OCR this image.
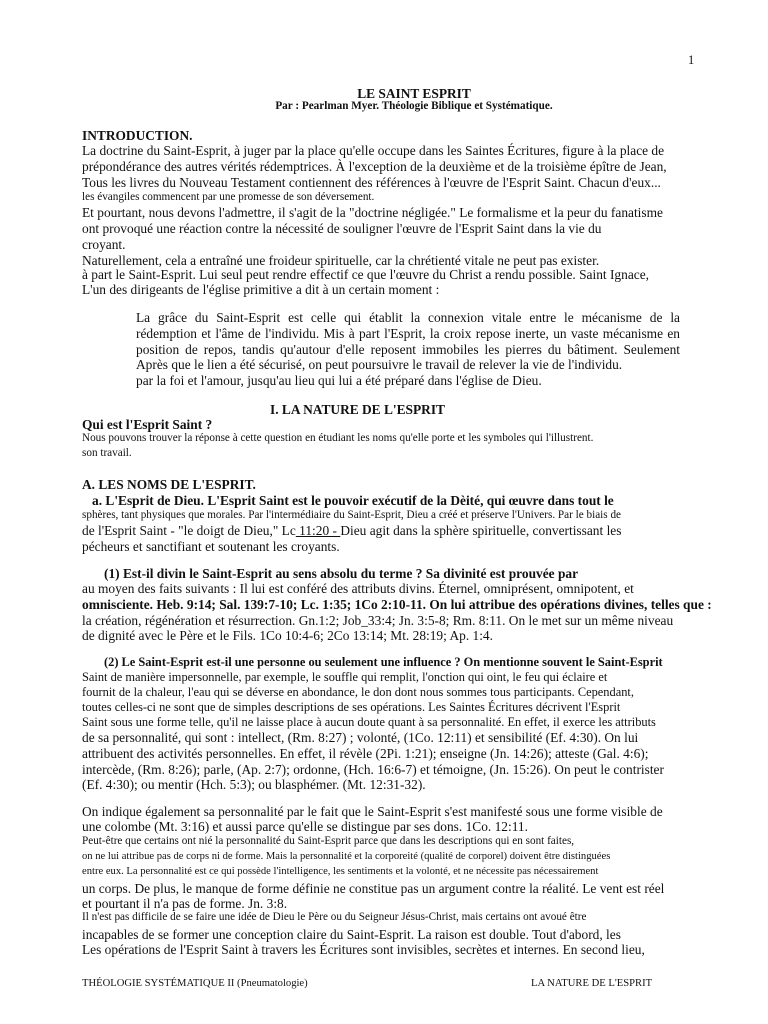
1
LE SAINT ESPRIT
Par : Pearlman Myer. Théologie Biblique et Systématique.
INTRODUCTION.
La doctrine du Saint-Esprit, à juger par la place qu'elle occupe dans les Saintes Écritures, figure à la place de
prépondérance des autres vérités rédemptrices. À l'exception de la deuxième et de la troisième épître de Jean,
Tous les livres du Nouveau Testament contiennent des références à l'œuvre de l'Esprit Saint. Chacun d'eux...
les évangiles commencent par une promesse de son déversement.
Et pourtant, nous devons l'admettre, il s'agit de la "doctrine négligée." Le formalisme et la peur du fanatisme
ont provoqué une réaction contre la nécessité de souligner l'œuvre de l'Esprit Saint dans la vie du
croyant.
Naturellement, cela a entraîné une froideur spirituelle, car la chrétienté vitale ne peut pas exister.
à part le Saint-Esprit. Lui seul peut rendre effectif ce que l'œuvre du Christ a rendu possible. Saint Ignace,
L'un des dirigeants de l'église primitive a dit à un certain moment :
La grâce du Saint-Esprit est celle qui établit la connexion vitale entre le mécanisme de la
rédemption et l'âme de l'individu. Mis à part l'Esprit, la croix repose inerte, un vaste mécanisme en
position de repos, tandis qu'autour d'elle reposent immobiles les pierres du bâtiment. Seulement
Après que le lien a été sécurisé, on peut poursuivre le travail de relever la vie de l'individu.
par la foi et l'amour, jusqu'au lieu qui lui a été préparé dans l'église de Dieu.
I. LA NATURE DE L'ESPRIT
Qui est l'Esprit Saint ?
Nous pouvons trouver la réponse à cette question en étudiant les noms qu'elle porte et les symboles qui l'illustrent.
son travail.
A. LES NOMS DE L'ESPRIT.
a. L'Esprit de Dieu. L'Esprit Saint est le pouvoir exécutif de la Dèité, qui œuvre dans tout le
sphères, tant physiques que morales. Par l'intermédiaire du Saint-Esprit, Dieu a créé et préserve l'Univers. Par le biais de
de l'Esprit Saint - "le doigt de Dieu," Lc 11:20 - Dieu agit dans la sphère spirituelle, convertissant les
pécheurs et sanctifiant et soutenant les croyants.
(1) Est-il divin le Saint-Esprit au sens absolu du terme ? Sa divinité est prouvée par
au moyen des faits suivants : Il lui est conféré des attributs divins. Éternel, omniprésent, omnipotent, et
omnisciente. Heb. 9:14; Sal. 139:7-10; Lc. 1:35; 1Co 2:10-11. On lui attribue des opérations divines, telles que :
la création, régénération et résurrection. Gn.1:2; Job_33:4; Jn. 3:5-8; Rm. 8:11. On le met sur un même niveau
de dignité avec le Père et le Fils. 1Co 10:4-6; 2Co 13:14; Mt. 28:19; Ap. 1:4.
(2) Le Saint-Esprit est-il une personne ou seulement une influence ? On mentionne souvent le Saint-Esprit
Saint de manière impersonnelle, par exemple, le souffle qui remplit, l'onction qui oint, le feu qui éclaire et
fournit de la chaleur, l'eau qui se déverse en abondance, le don dont nous sommes tous participants. Cependant,
toutes celles-ci ne sont que de simples descriptions de ses opérations. Les Saintes Écritures décrivent l'Esprit
Saint sous une forme telle, qu'il ne laisse place à aucun doute quant à sa personnalité. En effet, il exerce les attributs
de sa personnalité, qui sont : intellect, (Rm. 8:27) ; volonté, (1Co. 12:11) et sensibilité (Ef. 4:30). On lui
attribuent des activités personnelles. En effet, il révèle (2Pi. 1:21); enseigne (Jn. 14:26); atteste (Gal. 4:6);
intercède, (Rm. 8:26); parle, (Ap. 2:7); ordonne, (Hch. 16:6-7) et témoigne, (Jn. 15:26). On peut le contrister
(Ef. 4:30); ou mentir (Hch. 5:3); ou blasphémer. (Mt. 12:31-32).
On indique également sa personnalité par le fait que le Saint-Esprit s'est manifesté sous une forme visible de
une colombe (Mt. 3:16) et aussi parce qu'elle se distingue par ses dons. 1Co. 12:11.
Peut-être que certains ont nié la personnalité du Saint-Esprit parce que dans les descriptions qui en sont faites,
on ne lui attribue pas de corps ni de forme. Mais la personnalité et la corporeité (qualité de corporel) doivent être distinguées
entre eux. La personnalité est ce qui possède l'intelligence, les sentiments et la volonté, et ne nécessite pas nécessairement
un corps. De plus, le manque de forme définie ne constitue pas un argument contre la réalité. Le vent est réel
et pourtant il n'a pas de forme. Jn. 3:8.
Il n'est pas difficile de se faire une idée de Dieu le Père ou du Seigneur Jésus-Christ, mais certains ont avoué être
incapables de se former une conception claire du Saint-Esprit. La raison est double. Tout d'abord, les
Les opérations de l'Esprit Saint à travers les Écritures sont invisibles, secrètes et internes. En second lieu,
THÉOLOGIE SYSTÉMATIQUE II (Pneumatologie)	LA NATURE DE L'ESPRIT
